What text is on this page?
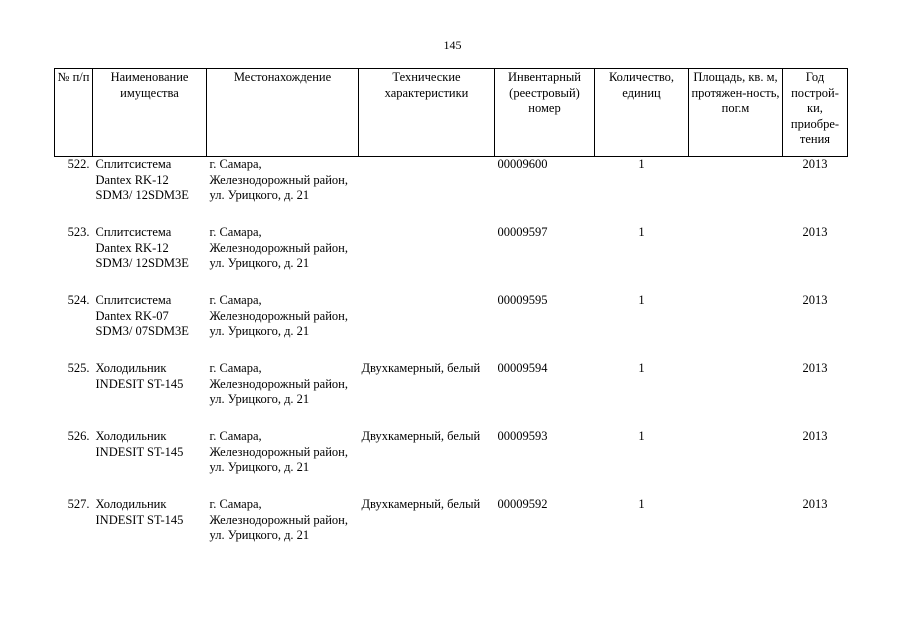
145
№ п/п	Наименование имущества	Местонахождение	Технические характеристики	Инвентарный (реестровый) номер	Количество, единиц	Площадь, кв. м, протяжен-ность, пог.м	Год построй-ки, приобре-тения
522.	Сплитсистема Dantex RK-12 SDM3/ 12SDM3E	г. Самара, Железнодорожный район, ул. Урицкого, д. 21		00009600	1		2013
523.	Сплитсистема Dantex RK-12 SDM3/ 12SDM3E	г. Самара, Железнодорожный район, ул. Урицкого, д. 21		00009597	1		2013
524.	Сплитсистема Dantex RK-07 SDM3/ 07SDM3E	г. Самара, Железнодорожный район, ул. Урицкого, д. 21		00009595	1		2013
525.	Холодильник INDESIT ST-145	г. Самара, Железнодорожный район, ул. Урицкого, д. 21	Двухкамерный, белый	00009594	1		2013
526.	Холодильник INDESIT ST-145	г. Самара, Железнодорожный район, ул. Урицкого, д. 21	Двухкамерный, белый	00009593	1		2013
527.	Холодильник INDESIT ST-145	г. Самара, Железнодорожный район, ул. Урицкого, д. 21	Двухкамерный, белый	00009592	1		2013
